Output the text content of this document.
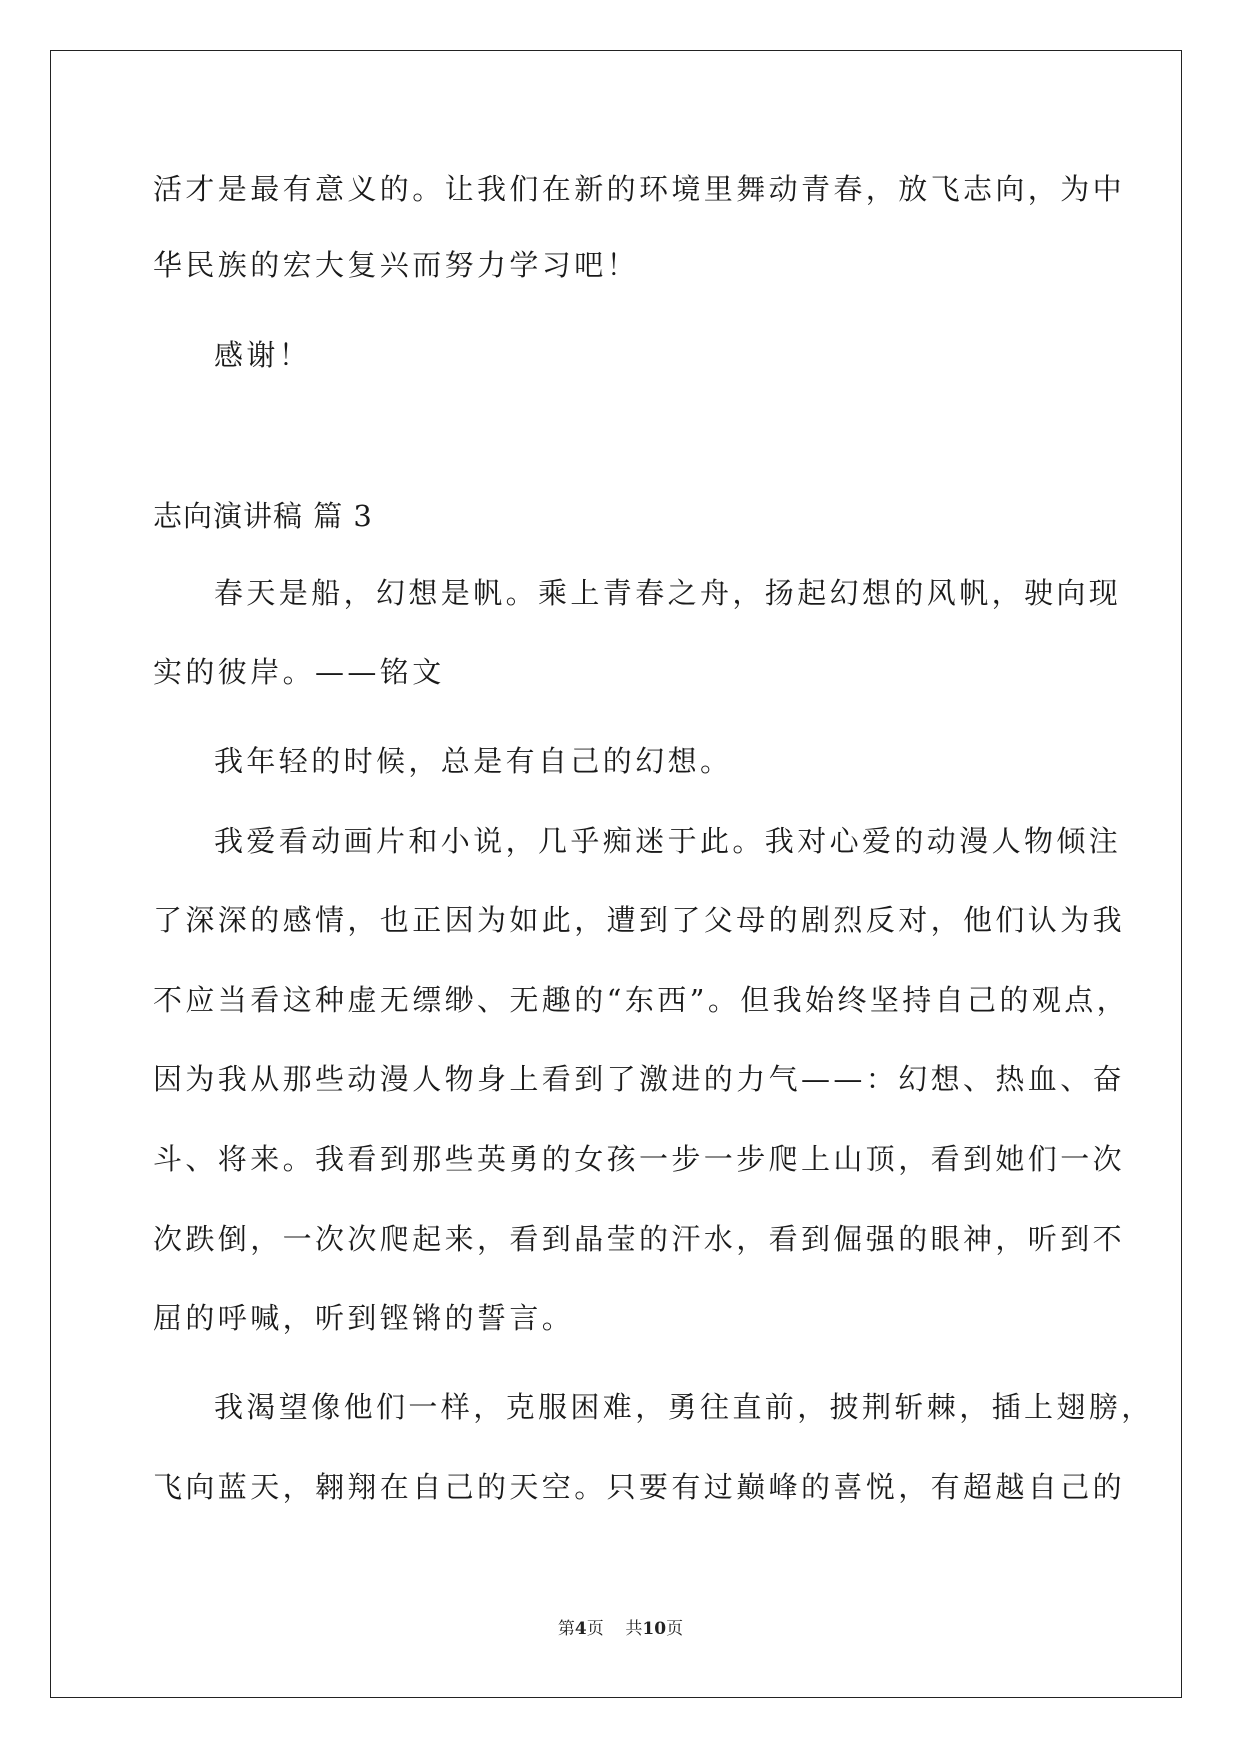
活才是最有意义的。让我们在新的环境里舞动青春，放飞志向，为中
华民族的宏大复兴而努力学习吧！
感谢！
志向演讲稿 篇 3
春天是船，幻想是帆。乘上青春之舟，扬起幻想的风帆，驶向现
实的彼岸。——铭文
我年轻的时候，总是有自己的幻想。
我爱看动画片和小说，几乎痴迷于此。我对心爱的动漫人物倾注
了深深的感情，也正因为如此，遭到了父母的剧烈反对，他们认为我
不应当看这种虚无缥缈、无趣的“东西”。但我始终坚持自己的观点，
因为我从那些动漫人物身上看到了激进的力气——：幻想、热血、奋
斗、将来。我看到那些英勇的女孩一步一步爬上山顶，看到她们一次
次跌倒，一次次爬起来，看到晶莹的汗水，看到倔强的眼神，听到不
屈的呼喊，听到铿锵的誓言。
我渴望像他们一样，克服困难，勇往直前，披荆斩棘，插上翅膀，
飞向蓝天，翱翔在自己的天空。只要有过巅峰的喜悦，有超越自己的
第4页 共10页
